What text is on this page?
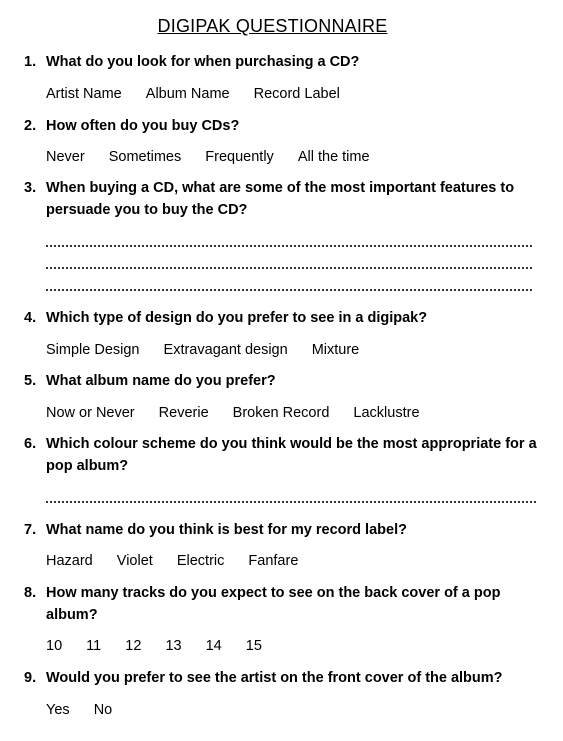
DIGIPAK QUESTIONNAIRE
1. What do you look for when purchasing a CD?
Artist Name Album Name Record Label
2. How often do you buy CDs?
Never Sometimes Frequently All the time
3. When buying a CD, what are some of the most important features to persuade you to buy the CD?
4. Which type of design do you prefer to see in a digipak?
Simple Design Extravagant design Mixture
5. What album name do you prefer?
Now or Never Reverie Broken Record Lacklustre
6. Which colour scheme do you think would be the most appropriate for a pop album?
7. What name do you think is best for my record label?
Hazard Violet Electric Fanfare
8. How many tracks do you expect to see on the back cover of a pop album?
10 11 12 13 14 15
9. Would you prefer to see the artist on the front cover of the album?
Yes No
